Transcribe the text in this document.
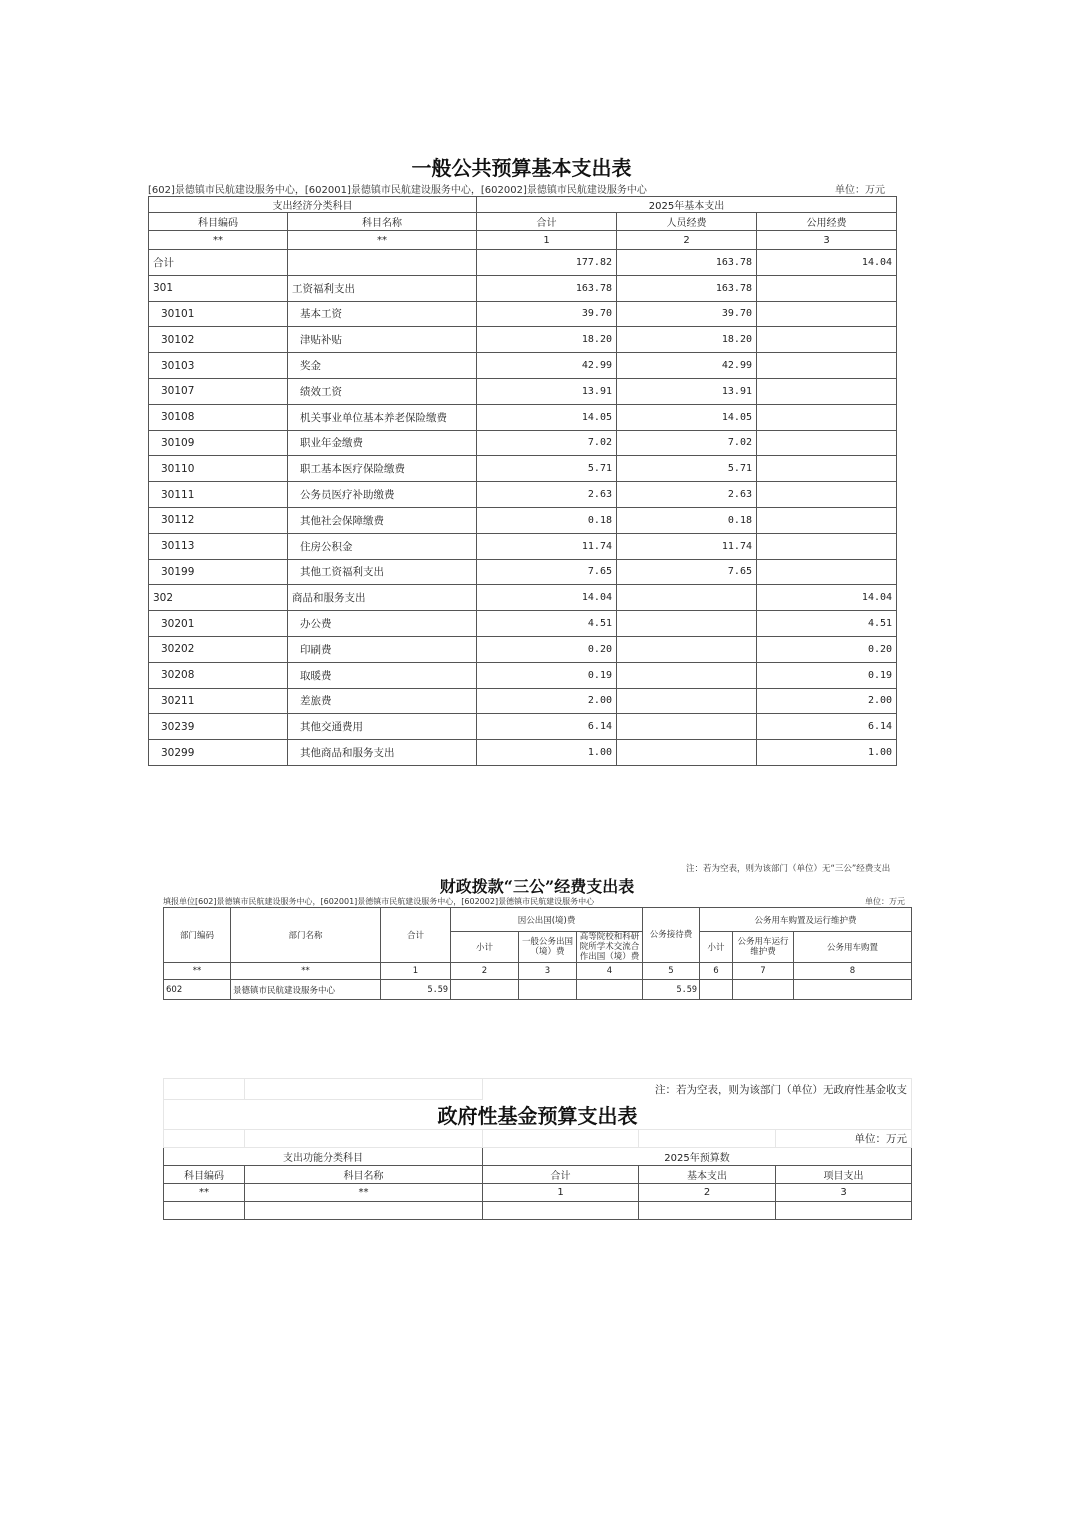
一般公共预算基本支出表
[602]景德镇市民航建设服务中心，[602001]景德镇市民航建设服务中心，[602002]景德镇市民航建设服务中心	单位：万元
支出经济分类科目		2025年基本支出		
科目编码	科目名称	合计	人员经费	公用经费
**	**	1	2	3
合计		177.82	163.78	14.04
301	工资福利支出	163.78	163.78	
30101	基本工资	39.70	39.70	
30102	津贴补贴	18.20	18.20	
30103	奖金	42.99	42.99	
30107	绩效工资	13.91	13.91	
30108	机关事业单位基本养老保险缴费	14.05	14.05	
30109	职业年金缴费	7.02	7.02	
30110	职工基本医疗保险缴费	5.71	5.71	
30111	公务员医疗补助缴费	2.63	2.63	
30112	其他社会保障缴费	0.18	0.18	
30113	住房公积金	11.74	11.74	
30199	其他工资福利支出	7.65	7.65	
302	商品和服务支出	14.04		14.04
30201	办公费	4.51		4.51
30202	印刷费	0.20		0.20
30208	取暖费	0.19		0.19
30211	差旅费	2.00		2.00
30239	其他交通费用	6.14		6.14
30299	其他商品和服务支出	1.00		1.00
注：若为空表，则为该部门（单位）无“三公”经费支出
财政拨款“三公”经费支出表
填报单位[602]景德镇市民航建设服务中心，[602001]景德镇市民航建设服务中心，[602002]景德镇市民航建设服务中心	单位：万元
部门编码	部门名称	合计	因公出国(境)费			公务接待费	公务用车购置及运行维护费		
			小计	一般公务出国（境）费	高等院校和科研院所学术交流合作出国（境）费		小计	公务用车运行维护费	公务用车购置
**	**	1	2	3	4	5	6	7	8
602	景德镇市民航建设服务中心	5.59				5.59			
		注：若为空表，则为该部门（单位）无政府性基金收支		
政府性基金预算支出表				
				单位：万元
支出功能分类科目		2025年预算数		
科目编码	科目名称	合计	基本支出	项目支出
**	**	1	2	3
